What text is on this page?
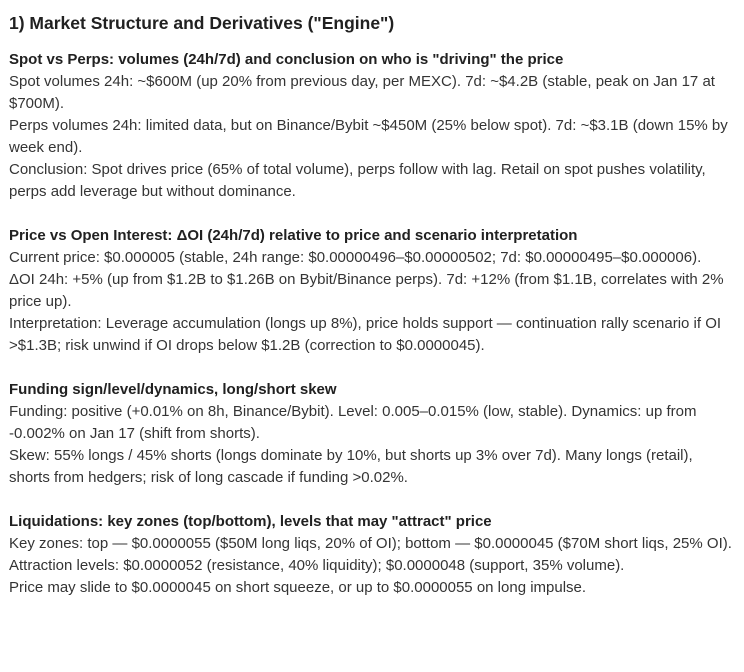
1) Market Structure and Derivatives ("Engine")
Spot vs Perps: volumes (24h/7d) and conclusion on who is "driving" the price

Spot volumes 24h: ~$600M (up 20% from previous day, per MEXC). 7d: ~$4.2B (stable, peak on Jan 17 at $700M).

Perps volumes 24h: limited data, but on Binance/Bybit ~$450M (25% below spot). 7d: ~$3.1B (down 15% by week end).

Conclusion: Spot drives price (65% of total volume), perps follow with lag. Retail on spot pushes volatility, perps add leverage but without dominance.

Price vs Open Interest: ΔOI (24h/7d) relative to price and scenario interpretation

Current price: $0.000005 (stable, 24h range: $0.00000496–$0.00000502; 7d: $0.00000495–$0.000006).

ΔOI 24h: +5% (up from $1.2B to $1.26B on Bybit/Binance perps). 7d: +12% (from $1.1B, correlates with 2% price up).

Interpretation: Leverage accumulation (longs up 8%), price holds support — continuation rally scenario if OI >$1.3B; risk unwind if OI drops below $1.2B (correction to $0.0000045).

Funding sign/level/dynamics, long/short skew

Funding: positive (+0.01% on 8h, Binance/Bybit). Level: 0.005–0.015% (low, stable). Dynamics: up from -0.002% on Jan 17 (shift from shorts).

Skew: 55% longs / 45% shorts (longs dominate by 10%, but shorts up 3% over 7d). Many longs (retail), shorts from hedgers; risk of long cascade if funding >0.02%.

Liquidations: key zones (top/bottom), levels that may "attract" price

Key zones: top — $0.0000055 ($50M long liqs, 20% of OI); bottom — $0.0000045 ($70M short liqs, 25% OI).

Attraction levels: $0.0000052 (resistance, 40% liquidity); $0.0000048 (support, 35% volume).

Price may slide to $0.0000045 on short squeeze, or up to $0.0000055 on long impulse.
